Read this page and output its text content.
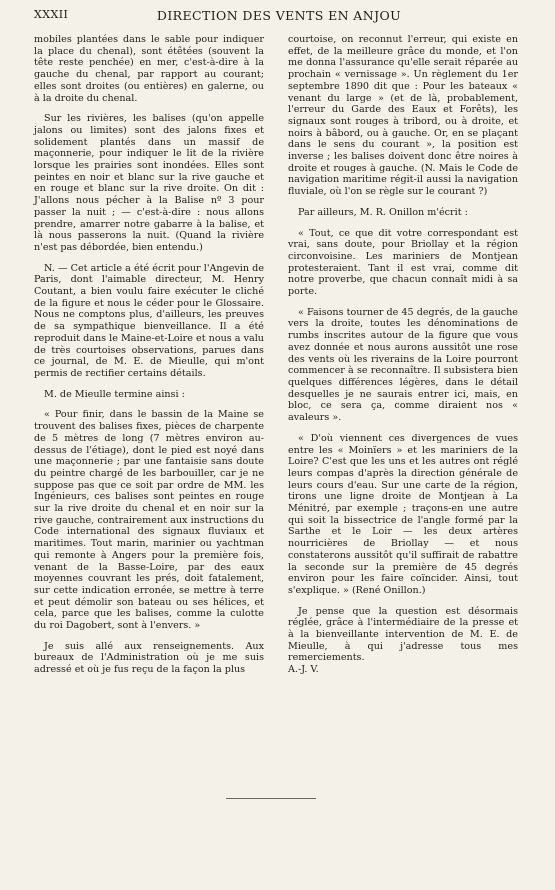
XXXII	DIRECTION DES VENTS EN ANJOU

mobiles plantées dans le sable pour indiquer la place du chenal), sont étêtées (souvent la tête reste penchée) en mer, c'est-à-dire à la gauche du chenal, par rapport au courant; elles sont droites (ou entières) en galerne, ou à la droite du chenal.

Sur les rivières, les balises (qu'on appelle jalons ou limites) sont des jalons fixes et solidement plantés dans un massif de maçonnerie, pour indiquer le lit de la rivière lorsque les prairies sont inondées. Elles sont peintes en noir et blanc sur la rive gauche et en rouge et blanc sur la rive droite. On dit : J'allons nous pécher à la Balise nº 3 pour passer la nuit ; — c'est-à-dire : nous allons prendre, amarrer notre gabarre à la balise, et là nous passerons la nuit. (Quand la rivière n'est pas débordée, bien entendu.)

N. — Cet article a été écrit pour l'Angevin de Paris, dont l'aimable directeur, M. Henry Coutant, a bien voulu faire exécuter le cliché de la figure et nous le céder pour le Glossaire. Nous ne comptons plus, d'ailleurs, les preuves de sa sympathique bienveillance. Il a été reproduit dans le Maine-et-Loire et nous a valu de très courtoises observations, parues dans ce journal, de M. E. de Mieulle, qui m'ont permis de rectifier certains détails.

M. de Mieulle termine ainsi :

« Pour finir, dans le bassin de la Maine se trouvent des balises fixes, pièces de charpente de 5 mètres de long (7 mètres environ au-dessus de l'étiage), dont le pied est noyé dans une maçonnerie ; par une fantaisie sans doute du peintre chargé de les barbouiller, car je ne suppose pas que ce soit par ordre de MM. les Ingénieurs, ces balises sont peintes en rouge sur la rive droite du chenal et en noir sur la rive gauche, contrairement aux instructions du Code international des signaux fluviaux et maritimes. Tout marin, marinier ou yachtman qui remonte à Angers pour la première fois, venant de la Basse-Loire, par des eaux moyennes couvrant les prés, doit fatalement, sur cette indication erronée, se mettre à terre et peut démolir son bateau ou ses hélices, et cela, parce que les balises, comme la culotte du roi Dagobert, sont à l'envers. »

Je suis allé aux renseignements. Aux bureaux de l'Administration où je me suis adressé et où je fus reçu de la façon la plus

courtoise, on reconnut l'erreur, qui existe en effet, de la meilleure grâce du monde, et l'on me donna l'assurance qu'elle serait réparée au prochain « vernissage ». Un règlement du 1er septembre 1890 dit que : Pour les bateaux « venant du large » (et de là, probablement, l'erreur du Garde des Eaux et Forêts), les signaux sont rouges à tribord, ou à droite, et noirs à bâbord, ou à gauche. Or, en se plaçant dans le sens du courant », la position est inverse ; les balises doivent donc être noires à droite et rouges à gauche. (N. Mais le Code de navigation maritime régit-il aussi la navigation fluviale, où l'on se règle sur le courant ?)

Par ailleurs, M. R. Onillon m'écrit :

« Tout, ce que dit votre correspondant est vrai, sans doute, pour Briollay et la région circonvoisine. Les mariniers de Montjean protesteraient. Tant il est vrai, comme dit notre proverbe, que chacun connaît midi à sa porte.

« Faisons tourner de 45 degrés, de la gauche vers la droite, toutes les dénominations de rumbs inscrites autour de la figure que vous avez donnée et nous aurons aussitôt une rose des vents où les riverains de la Loire pourront commencer à se reconnaître. Il subsistera bien quelques différences légères, dans le détail desquelles je ne saurais entrer ici, mais, en bloc, ce sera ça, comme diraient nos « avaleurs ».

« D'où viennent ces divergences de vues entre les « Moinïers » et les mariniers de la Loire? C'est que les uns et les autres ont réglé leurs compas d'après la direction générale de leurs cours d'eau. Sur une carte de la région, tirons une ligne droite de Montjean à La Ménitré, par exemple ; traçons-en une autre qui soit la bissectrice de l'angle formé par la Sarthe et le Loir — les deux artères nourricières de Briollay — et nous constaterons aussitôt qu'il suffirait de rabattre la seconde sur la première de 45 degrés environ pour les faire coïncider. Ainsi, tout s'explique. » (René Onillon.)

Je pense que la question est désormais réglée, grâce à l'intermédiaire de la presse et à la bienveillante intervention de M. E. de Mieulle, à qui j'adresse tous mes remerciements.

A.-J. V.
